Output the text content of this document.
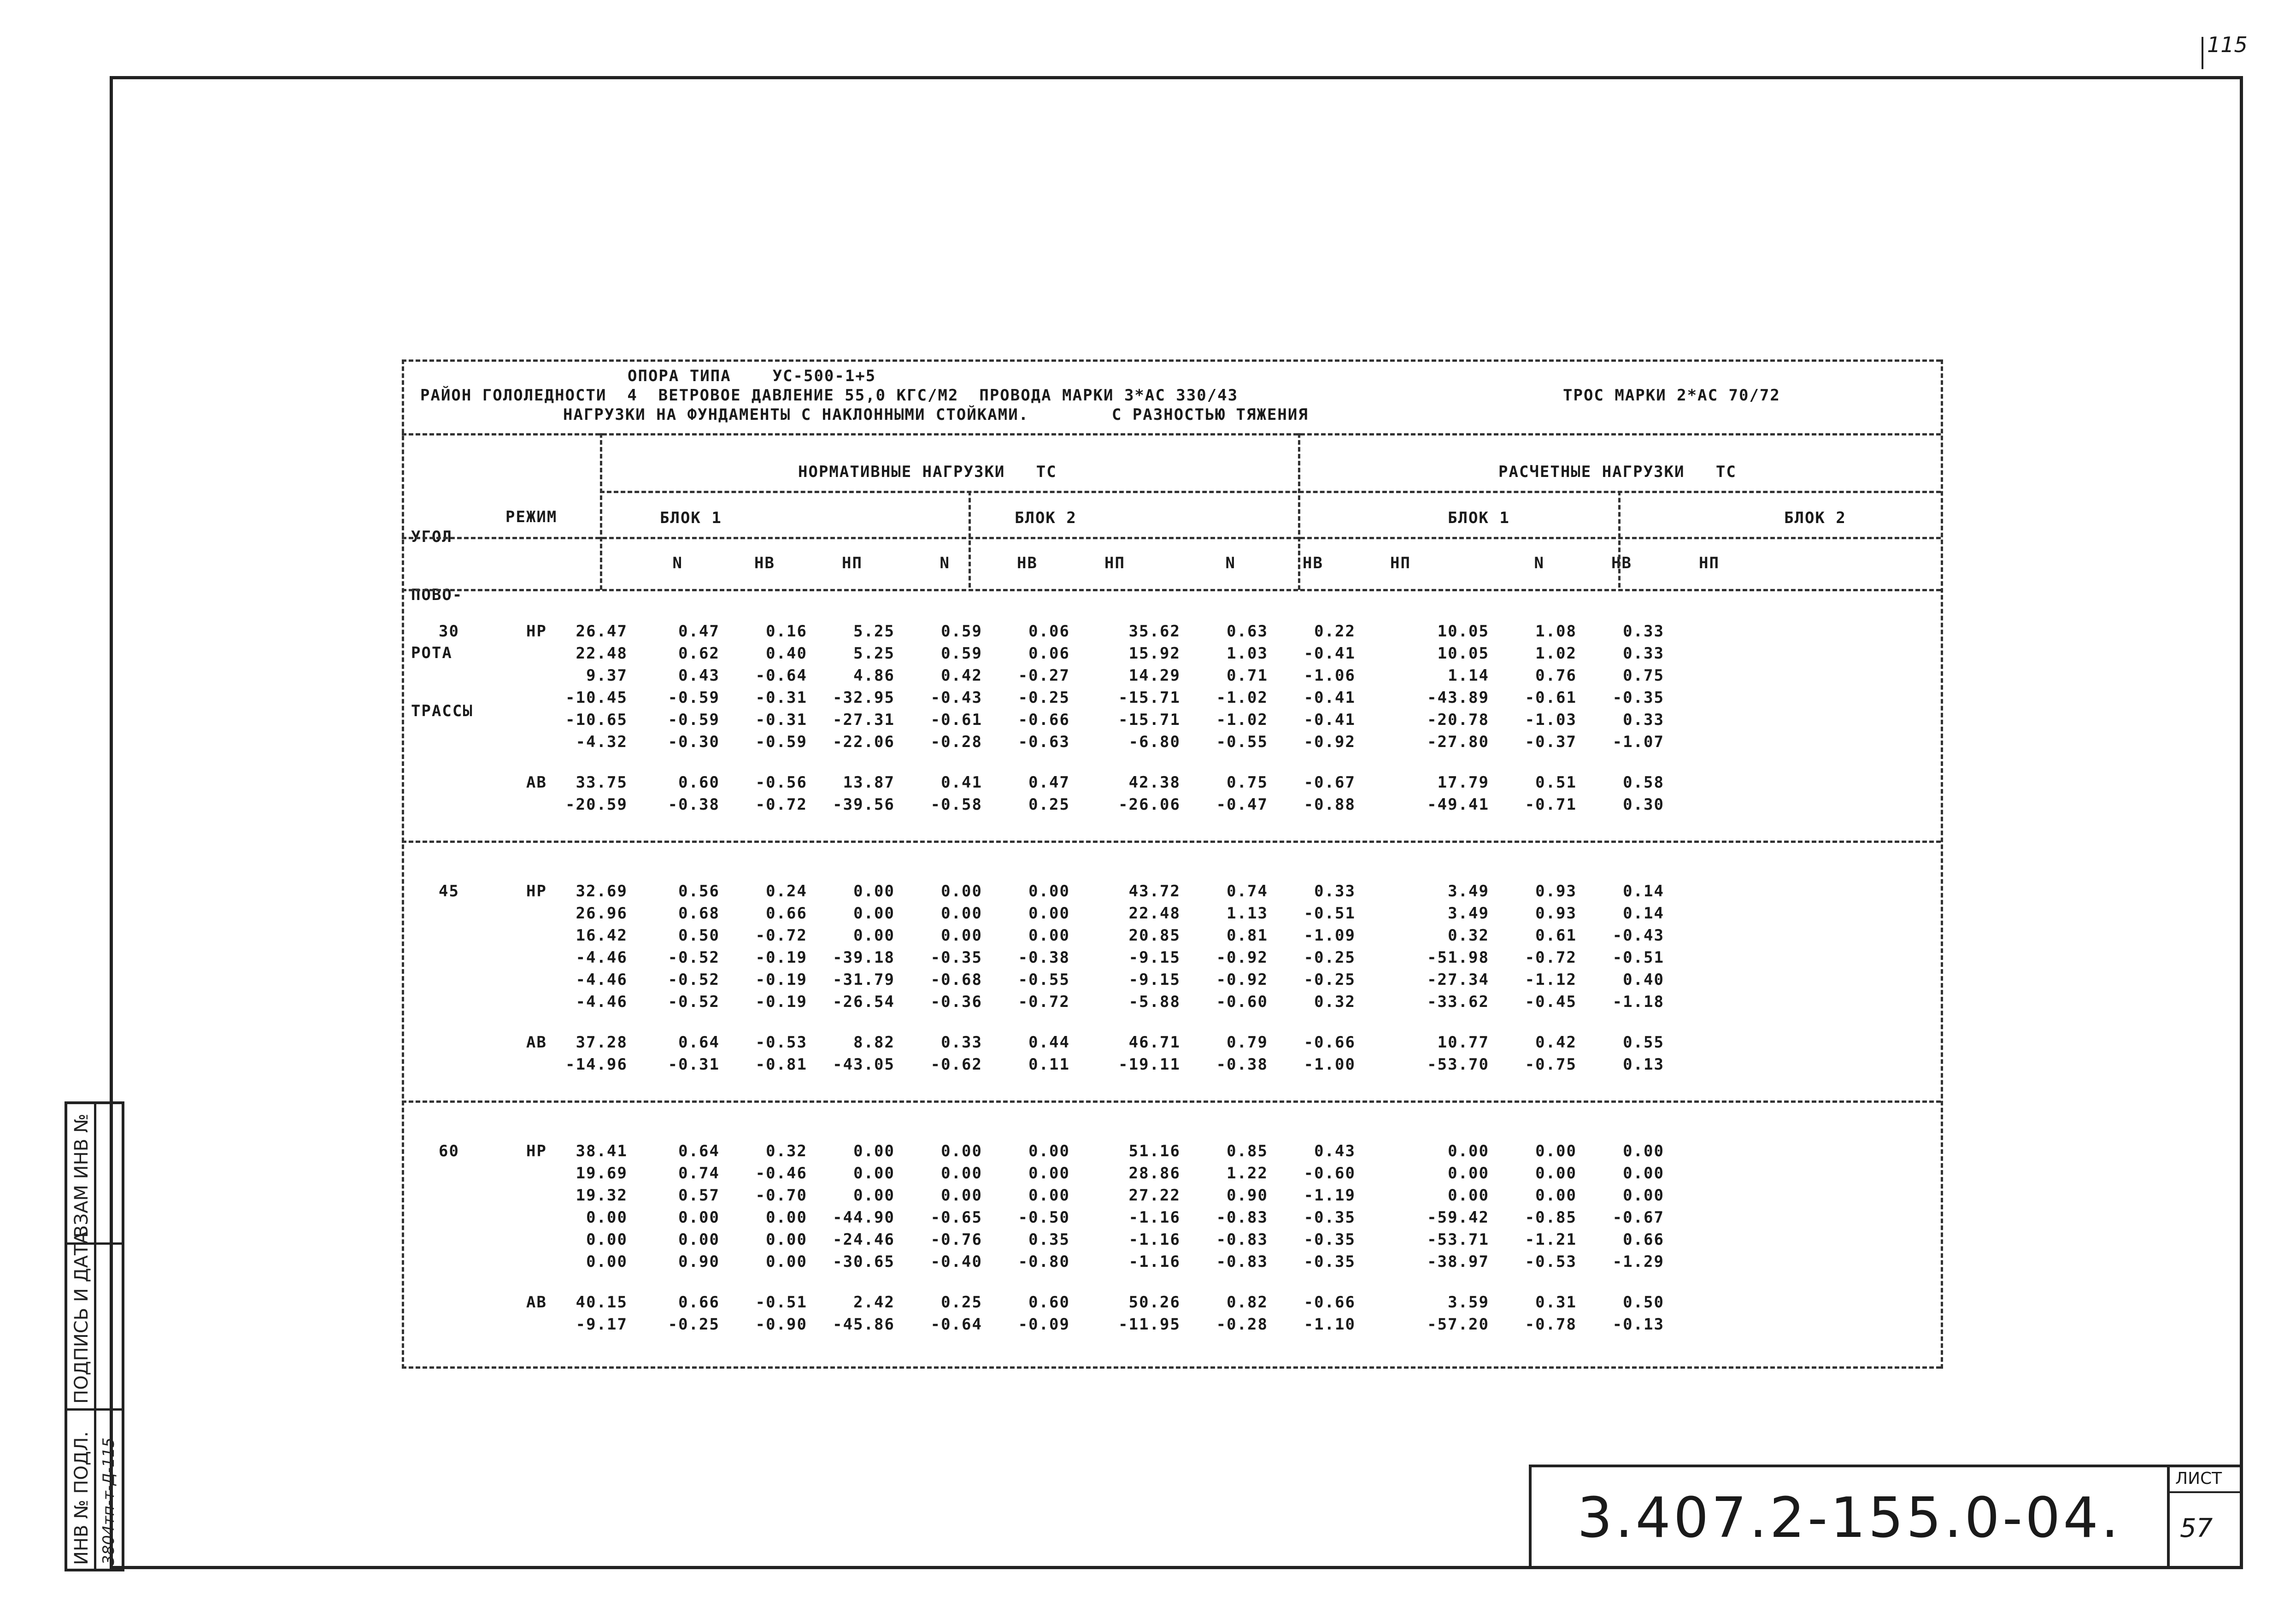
115
ИНВ № ПОДЛ. 3804тп-т-Д-115
ПОДПИСЬ И ДАТА
ВЗАМ ИНВ №
3.407.2-155.0-04.
ЛИСТ
57
ОПОРА ТИПА    УС-500-1+5
РАЙОН ГОЛОЛЕДНОСТИ  4  ВЕТРОВОЕ ДАВЛЕНИЕ 55,0 КГС/М2  ПРОВОДА МАРКИ 3*АС 330/43	ТРОС МАРКИ 2*АС 70/72
НАГРУЗКИ НА ФУНДАМЕНТЫ С НАКЛОННЫМИ СТОЙКАМИ.        С РАЗНОСТЬЮ ТЯЖЕНИЯ

УГОЛ

ПОВО-

РОТА

ТРАССЫ

РЕЖИМ
НОРМАТИВНЫЕ НАГРУЗКИ   ТС	РАСЧЕТНЫЕ НАГРУЗКИ   ТС
БЛОК 1	БЛОК 2	БЛОК 1	БЛОК 2
N	НВ	НП	N	НВ	НП	N	НВ	НП	N	НВ	НП
30	НР	26.47	0.47	0.16	5.25	0.59	0.06	35.62	0.63	0.22	10.05	1.08	0.33
22.48	0.62	0.40	5.25	0.59	0.06	15.92	1.03	-0.41	10.05	1.02	0.33
9.37	0.43	-0.64	4.86	0.42	-0.27	14.29	0.71	-1.06	1.14	0.76	0.75
-10.45	-0.59	-0.31	-32.95	-0.43	-0.25	-15.71	-1.02	-0.41	-43.89	-0.61	-0.35
-10.65	-0.59	-0.31	-27.31	-0.61	-0.66	-15.71	-1.02	-0.41	-20.78	-1.03	0.33
-4.32	-0.30	-0.59	-22.06	-0.28	-0.63	-6.80	-0.55	-0.92	-27.80	-0.37	-1.07
АВ	33.75	0.60	-0.56	13.87	0.41	0.47	42.38	0.75	-0.67	17.79	0.51	0.58
-20.59	-0.38	-0.72	-39.56	-0.58	0.25	-26.06	-0.47	-0.88	-49.41	-0.71	0.30
45	НР	32.69	0.56	0.24	0.00	0.00	0.00	43.72	0.74	0.33	3.49	0.93	0.14
26.96	0.68	0.66	0.00	0.00	0.00	22.48	1.13	-0.51	3.49	0.93	0.14
16.42	0.50	-0.72	0.00	0.00	0.00	20.85	0.81	-1.09	0.32	0.61	-0.43
-4.46	-0.52	-0.19	-39.18	-0.35	-0.38	-9.15	-0.92	-0.25	-51.98	-0.72	-0.51
-4.46	-0.52	-0.19	-31.79	-0.68	-0.55	-9.15	-0.92	-0.25	-27.34	-1.12	0.40
-4.46	-0.52	-0.19	-26.54	-0.36	-0.72	-5.88	-0.60	0.32	-33.62	-0.45	-1.18
АВ	37.28	0.64	-0.53	8.82	0.33	0.44	46.71	0.79	-0.66	10.77	0.42	0.55
-14.96	-0.31	-0.81	-43.05	-0.62	0.11	-19.11	-0.38	-1.00	-53.70	-0.75	0.13
60	НР	38.41	0.64	0.32	0.00	0.00	0.00	51.16	0.85	0.43	0.00	0.00	0.00
19.69	0.74	-0.46	0.00	0.00	0.00	28.86	1.22	-0.60	0.00	0.00	0.00
19.32	0.57	-0.70	0.00	0.00	0.00	27.22	0.90	-1.19	0.00	0.00	0.00
0.00	0.00	0.00	-44.90	-0.65	-0.50	-1.16	-0.83	-0.35	-59.42	-0.85	-0.67
0.00	0.00	0.00	-24.46	-0.76	0.35	-1.16	-0.83	-0.35	-53.71	-1.21	0.66
0.00	0.90	0.00	-30.65	-0.40	-0.80	-1.16	-0.83	-0.35	-38.97	-0.53	-1.29
АВ	40.15	0.66	-0.51	2.42	0.25	0.60	50.26	0.82	-0.66	3.59	0.31	0.50
-9.17	-0.25	-0.90	-45.86	-0.64	-0.09	-11.95	-0.28	-1.10	-57.20	-0.78	-0.13
